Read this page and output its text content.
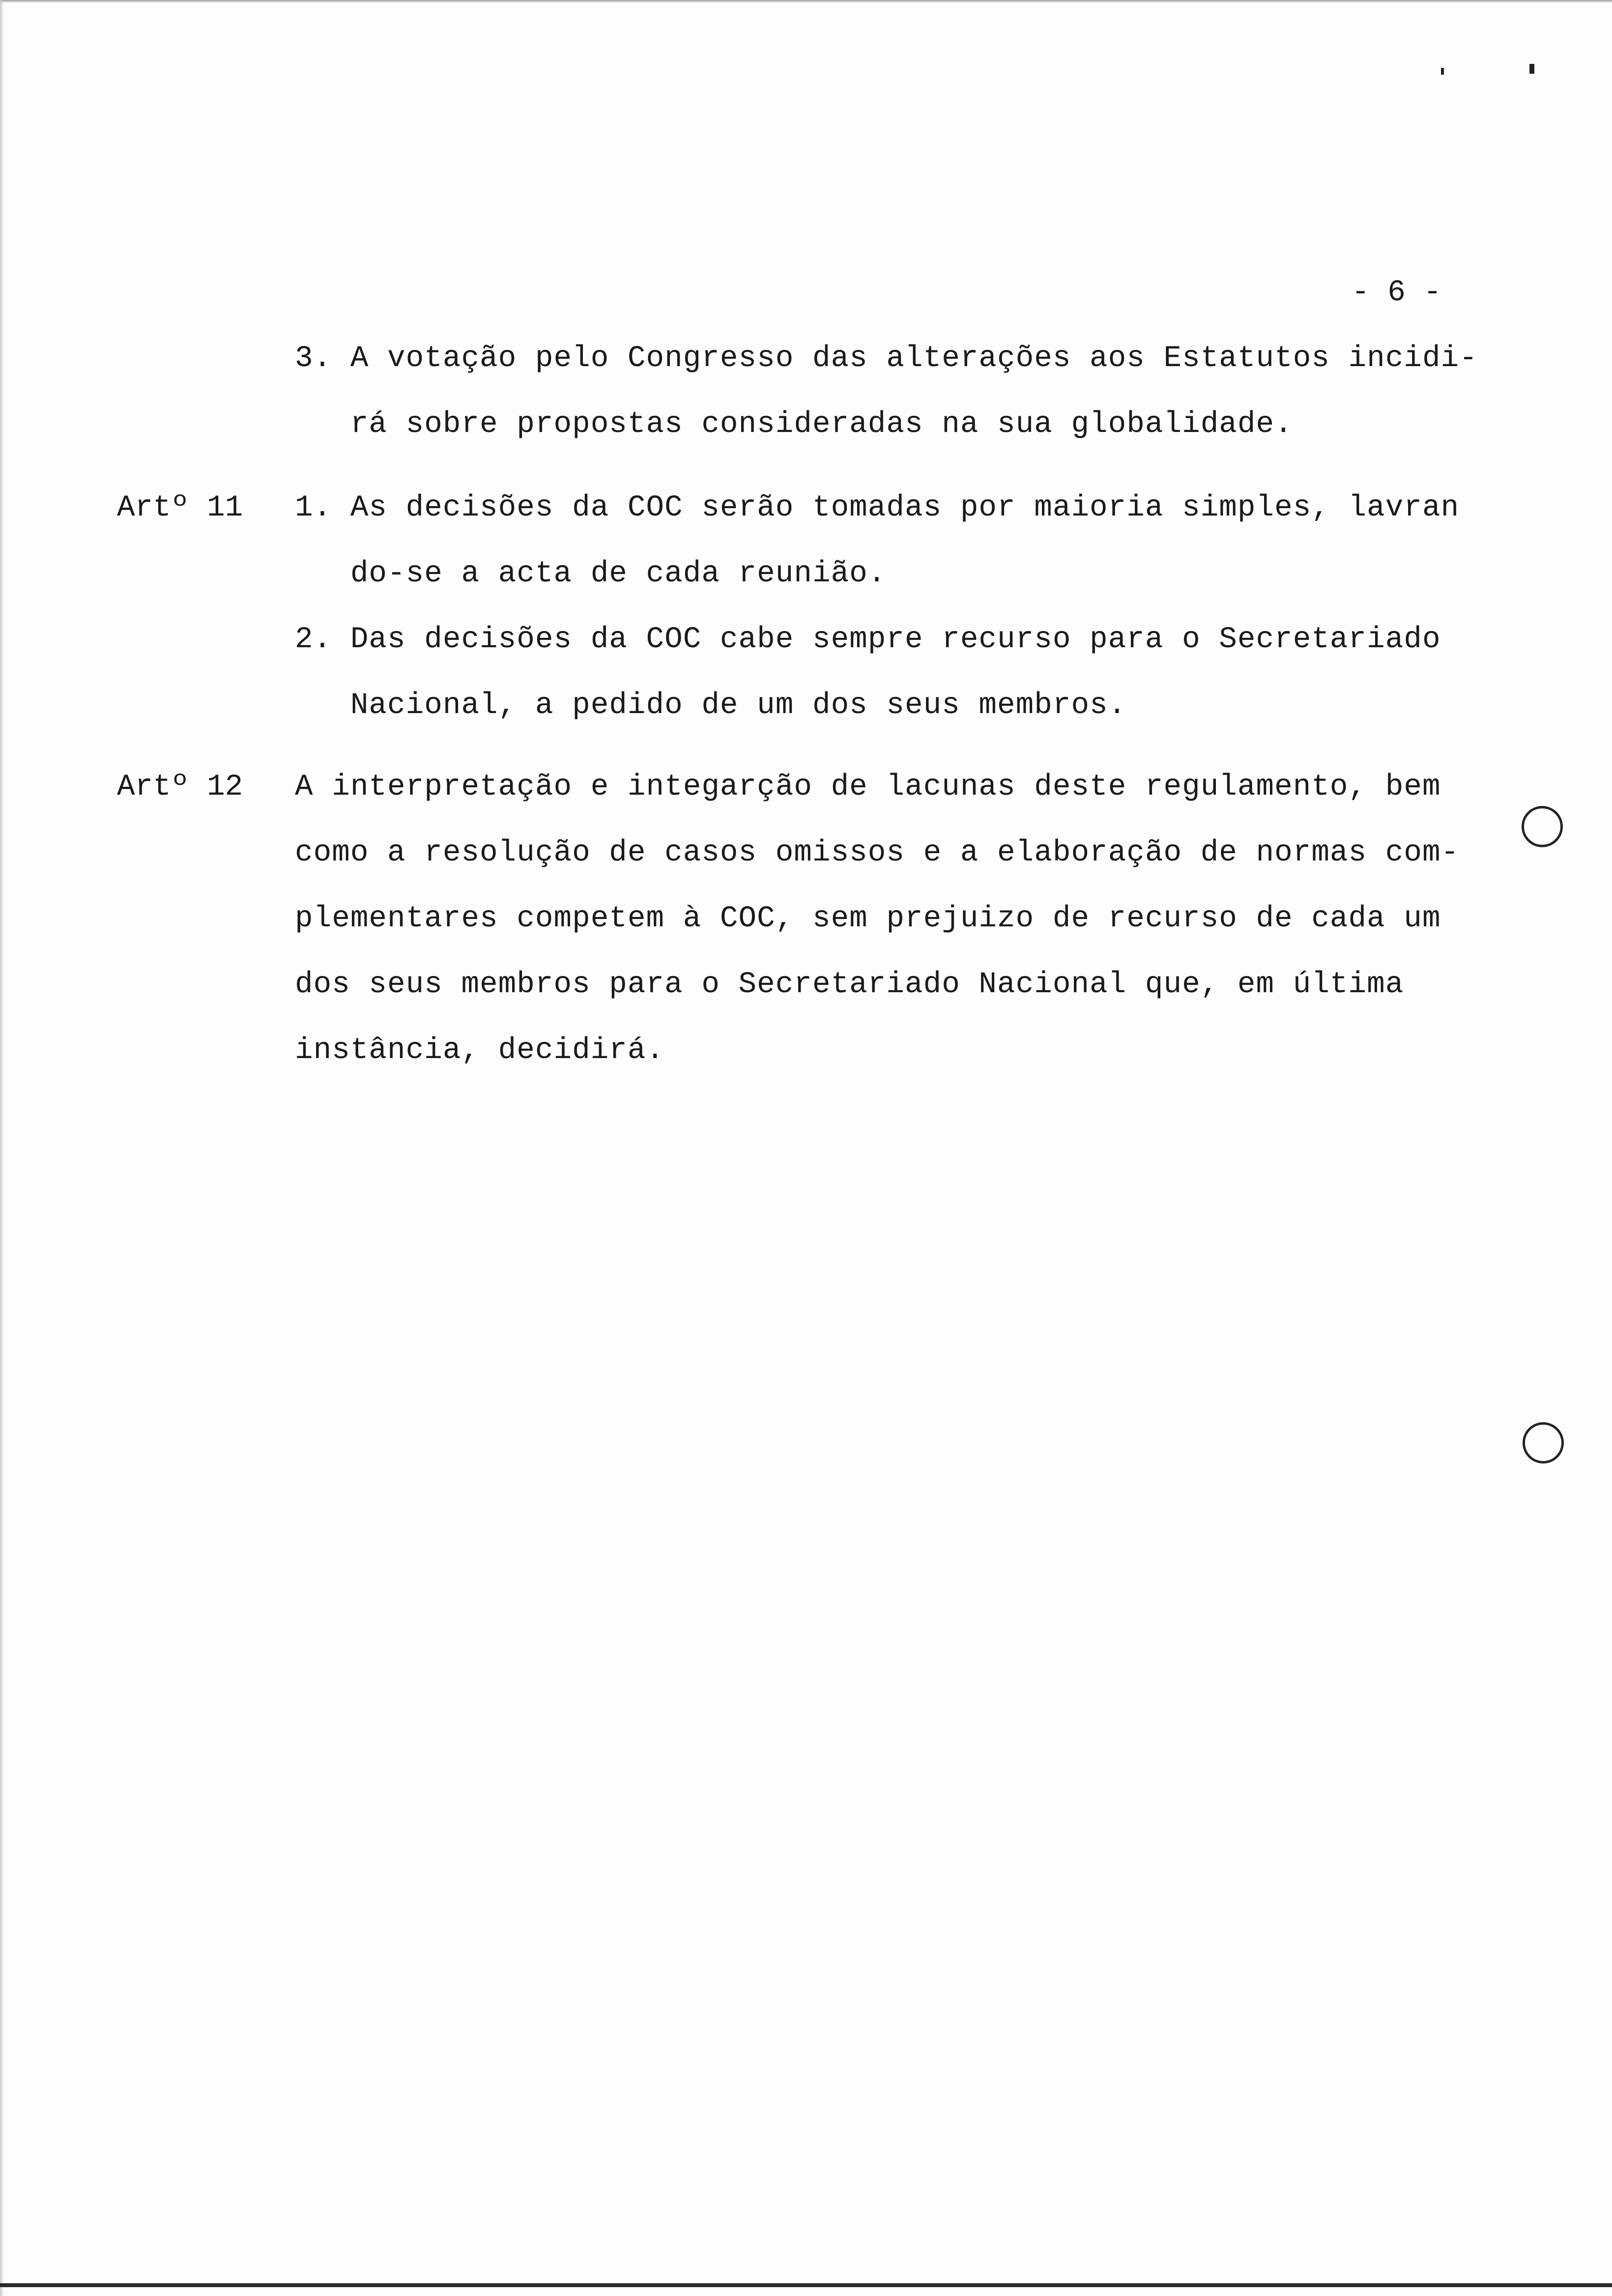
- 6 -
3. A votação pelo Congresso das alterações aos Estatutos incidi-
rá sobre propostas consideradas na sua globalidade.
Artº 11 1. As decisões da COC serão tomadas por maioria simples, lavran
do-se a acta de cada reunião.
2. Das decisões da COC cabe sempre recurso para o Secretariado
Nacional, a pedido de um dos seus membros.
Artº 12 A interpretação e integarção de lacunas deste regulamento, bem
como a resolução de casos omissos e a elaboração de normas com-
plementares competem à COC, sem prejuizo de recurso de cada um
dos seus membros para o Secretariado Nacional que, em última
instância, decidirá.
